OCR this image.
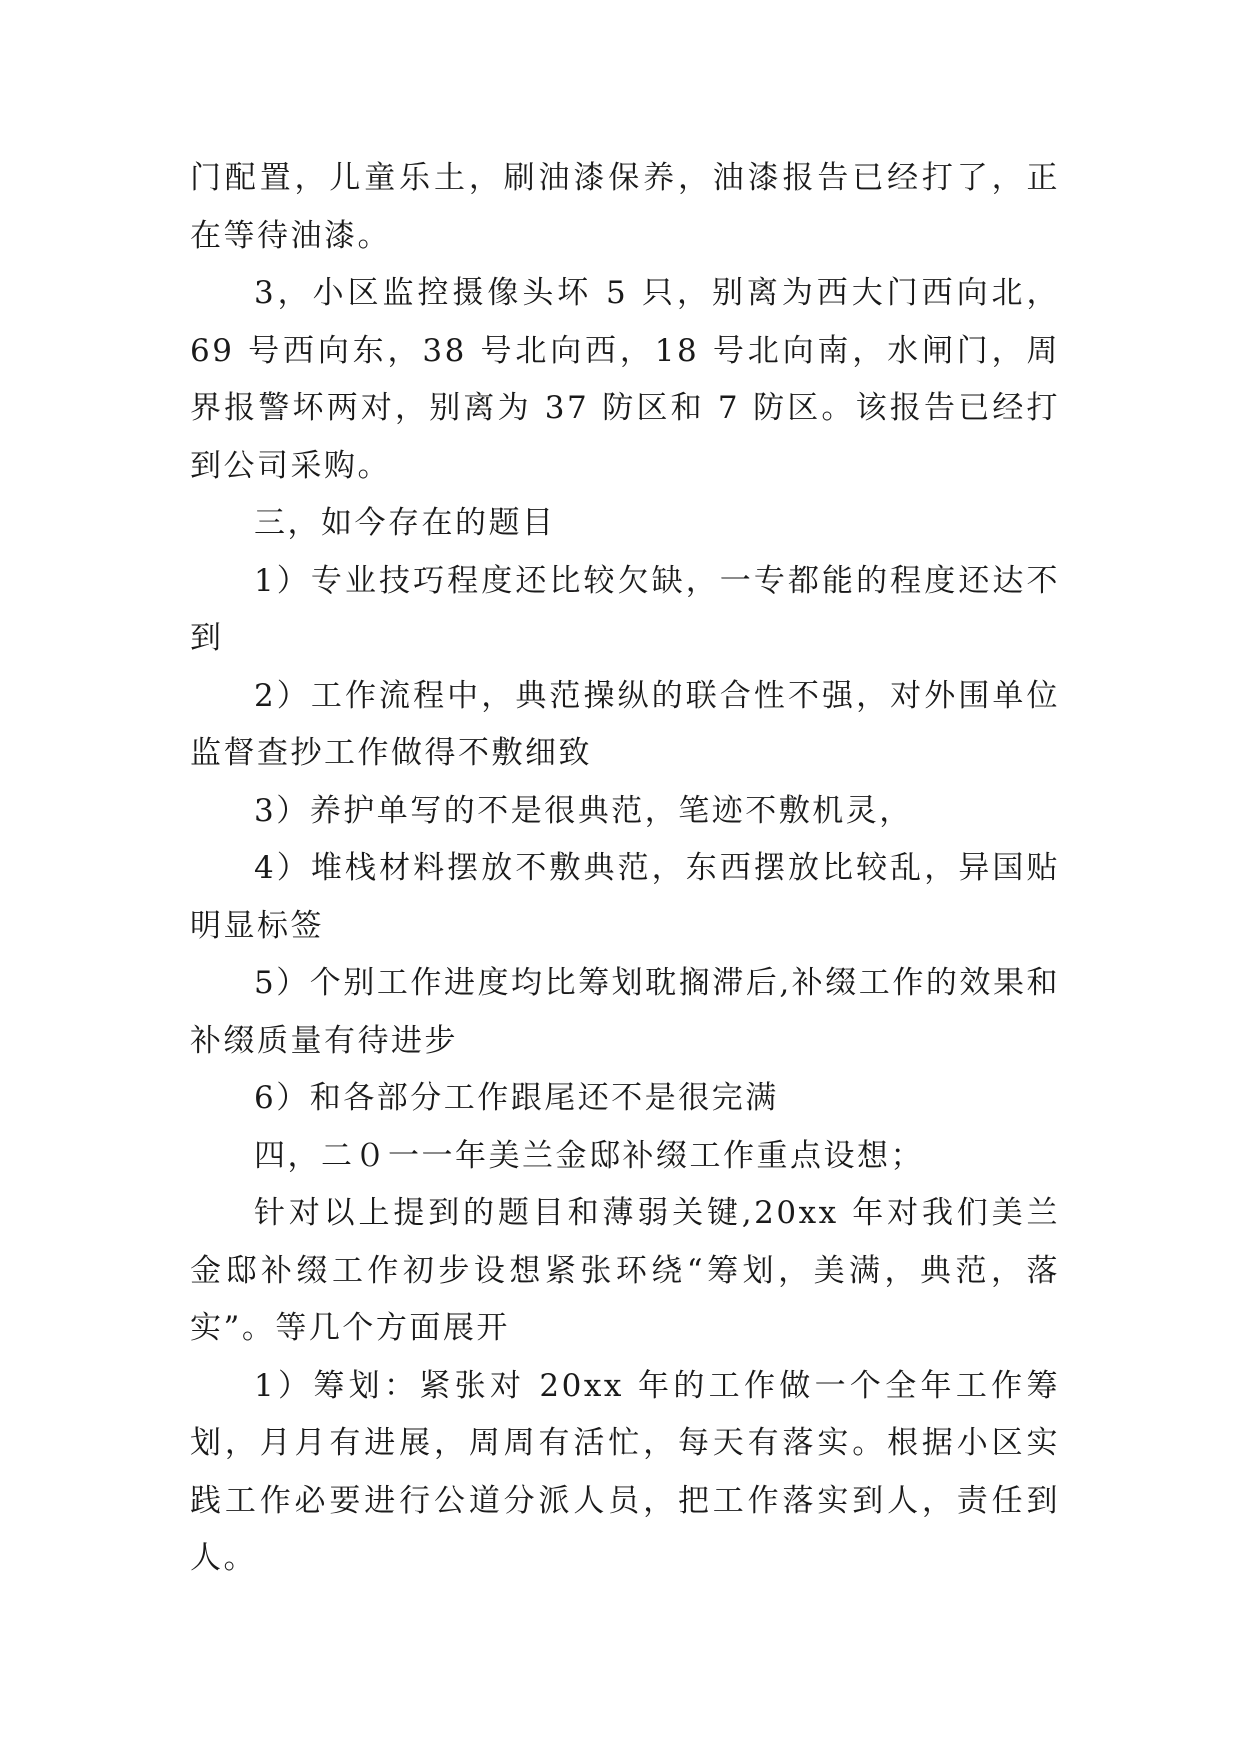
门配置，儿童乐土，刷油漆保养，油漆报告已经打了，正在等待油漆。

3，小区监控摄像头坏 5 只，别离为西大门西向北，69 号西向东，38 号北向西，18 号北向南，水闸门，周界报警坏两对，别离为 37 防区和 7 防区。该报告已经打到公司采购。

三，如今存在的题目

1）专业技巧程度还比较欠缺，一专都能的程度还达不到

2）工作流程中，典范操纵的联合性不强，对外围单位监督查抄工作做得不敷细致

3）养护单写的不是很典范，笔迹不敷机灵，

4）堆栈材料摆放不敷典范，东西摆放比较乱，异国贴明显标签

5）个别工作进度均比筹划耽搁滞后,补缀工作的效果和补缀质量有待进步

6）和各部分工作跟尾还不是很完满

四，二０一一年美兰金邸补缀工作重点设想；

针对以上提到的题目和薄弱关键,20xx 年对我们美兰金邸补缀工作初步设想紧张环绕“筹划，美满，典范，落实”。等几个方面展开

1）筹划：紧张对 20xx 年的工作做一个全年工作筹划，月月有进展，周周有活忙，每天有落实。根据小区实践工作必要进行公道分派人员，把工作落实到人，责任到人。
